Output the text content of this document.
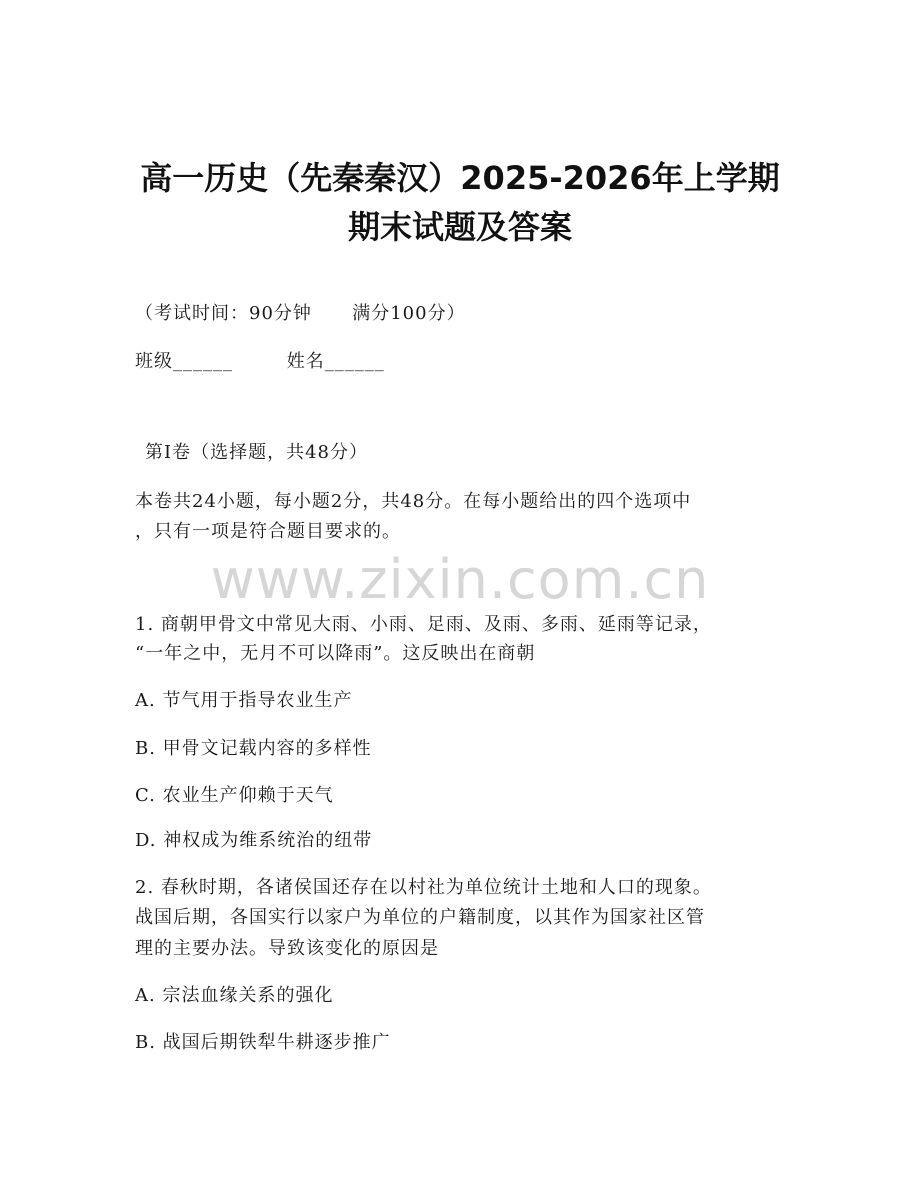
高一历史（先秦秦汉）2025-2026年上学期
期末试题及答案
（考试时间：90分钟      满分100分）
班级______        姓名______
第Ⅰ卷（选择题，共48分）
本卷共24小题，每小题2分，共48分。在每小题给出的四个选项中
，只有一项是符合题目要求的。
www.zixin.com.cn
1. 商朝甲骨文中常见大雨、小雨、足雨、及雨、多雨、延雨等记录，
“一年之中，无月不可以降雨”。这反映出在商朝
A. 节气用于指导农业生产
B. 甲骨文记载内容的多样性
C. 农业生产仰赖于天气
D. 神权成为维系统治的纽带
2. 春秋时期，各诸侯国还存在以村社为单位统计土地和人口的现象。
战国后期，各国实行以家户为单位的户籍制度，以其作为国家社区管
理的主要办法。导致该变化的原因是
A. 宗法血缘关系的强化
B. 战国后期铁犁牛耕逐步推广
